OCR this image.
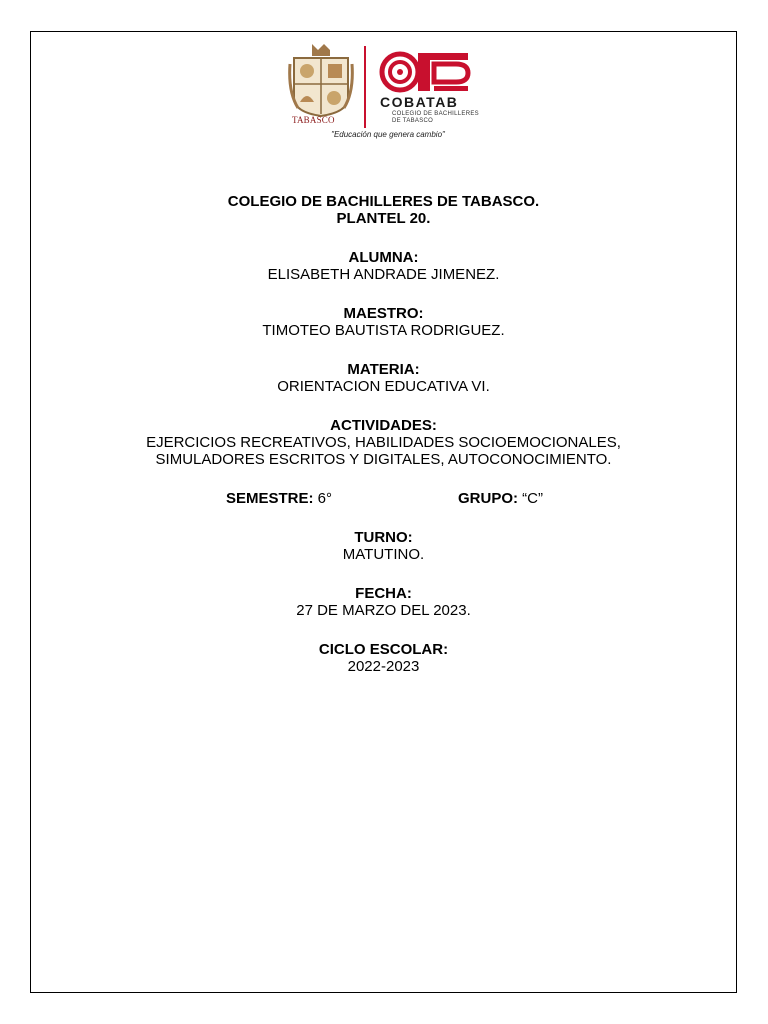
TABASCO
COBATAB
COLEGIO DE BACHILLERES
DE TABASCO
"Educación que genera cambio"

COLEGIO DE BACHILLERES DE TABASCO.

PLANTEL 20.

ALUMNA:

ELISABETH ANDRADE JIMENEZ.

MAESTRO:

TIMOTEO BAUTISTA RODRIGUEZ.

MATERIA:

ORIENTACION EDUCATIVA VI.

ACTIVIDADES:

EJERCICIOS RECREATIVOS, HABILIDADES SOCIOEMOCIONALES,

SIMULADORES ESCRITOS Y DIGITALES, AUTOCONOCIMIENTO.

SEMESTRE: 6°	GRUPO: “C”

TURNO:

MATUTINO.

FECHA:

27 DE MARZO DEL 2023.

CICLO ESCOLAR:

2022-2023
